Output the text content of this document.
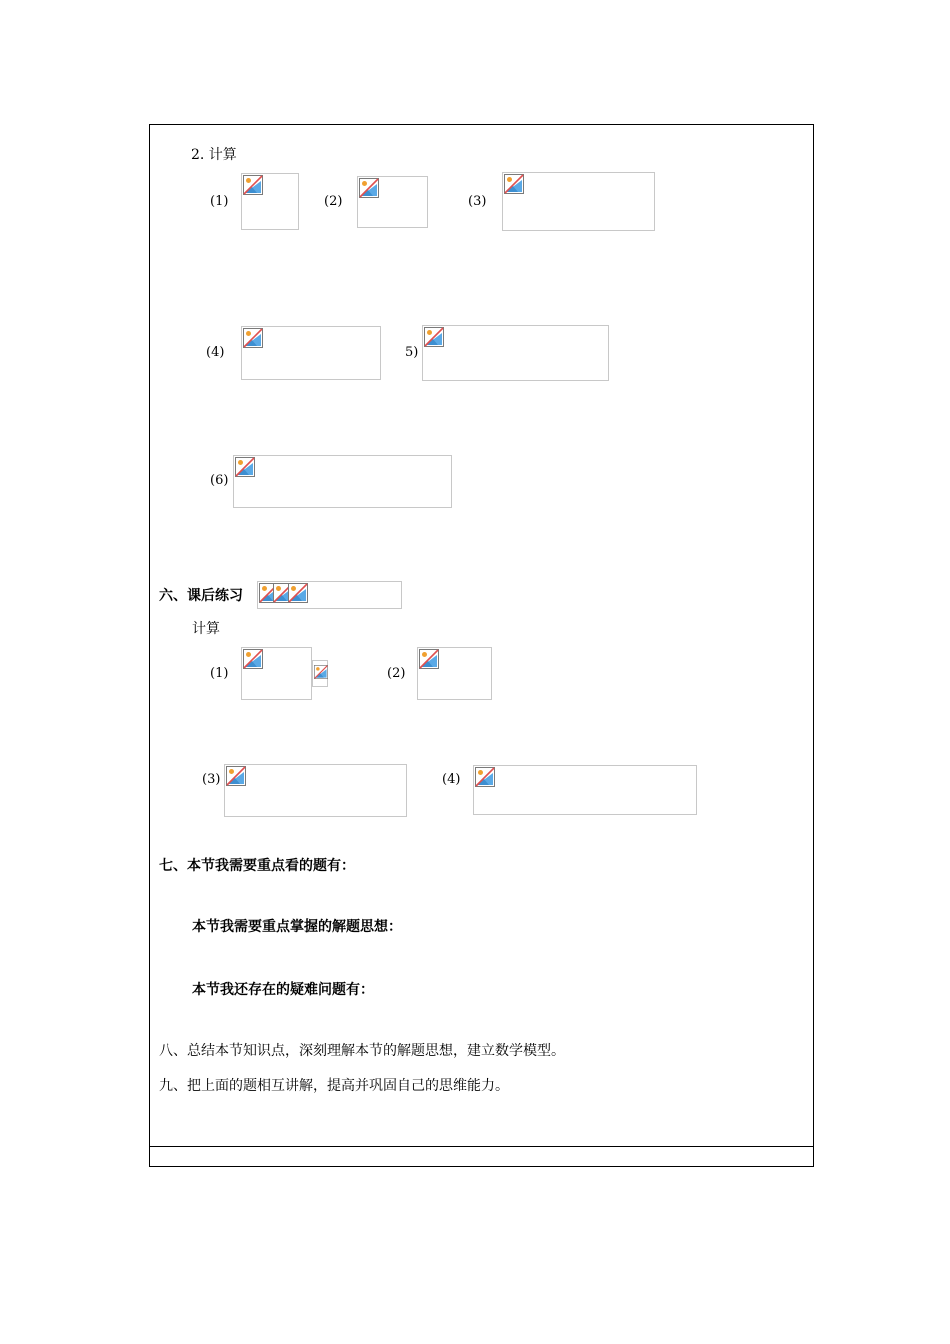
2. 计算
(1)	(2)	(3)
(4)	5)
(6)
六、课后练习
计算
(1)	(2)
(3)	(4)
七、本节我需要重点看的题有：
本节我需要重点掌握的解题思想：
本节我还存在的疑难问题有：
八、总结本节知识点，深刻理解本节的解题思想，建立数学模型。
九、把上面的题相互讲解，提高并巩固自己的思维能力。
